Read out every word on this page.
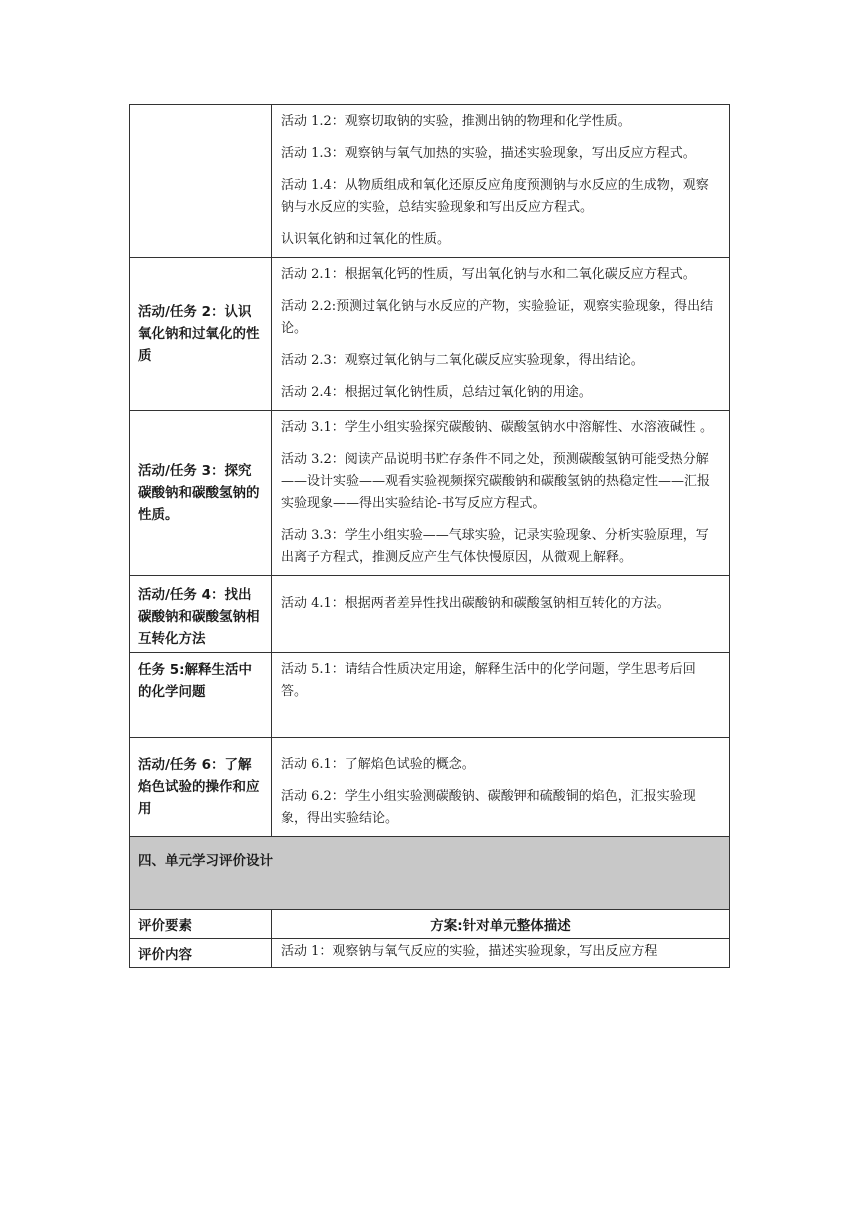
	活动 1.2：观察切取钠的实验，推测出钠的物理和化学性质。

活动 1.3：观察钠与氧气加热的实验，描述实验现象，写出反应方程式。

活动 1.4：从物质组成和氧化还原反应角度预测钠与水反应的生成物，观察钠与水反应的实验，总结实验现象和写出反应方程式。

认识氧化钠和过氧化的性质。

活动/任务 2：认识氧化钠和过氧化的性质	活动 2.1：根据氧化钙的性质，写出氧化钠与水和二氧化碳反应方程式。

活动 2.2:预测过氧化钠与水反应的产物，实验验证，观察实验现象，得出结论。

活动 2.3：观察过氧化钠与二氧化碳反应实验现象，得出结论。

活动 2.4：根据过氧化钠性质，总结过氧化钠的用途。

活动/任务 3：探究碳酸钠和碳酸氢钠的性质。	活动 3.1：学生小组实验探究碳酸钠、碳酸氢钠水中溶解性、水溶液碱性 。

活动 3.2：阅读产品说明书贮存条件不同之处，预测碳酸氢钠可能受热分解——设计实验——观看实验视频探究碳酸钠和碳酸氢钠的热稳定性——汇报实验现象——得出实验结论-书写反应方程式。

活动 3.3：学生小组实验——气球实验，记录实验现象、分析实验原理，写出离子方程式，推测反应产生气体快慢原因，从微观上解释。

活动/任务 4：找出碳酸钠和碳酸氢钠相互转化方法	活动 4.1：根据两者差异性找出碳酸钠和碳酸氢钠相互转化的方法。

任务 5:解释生活中的化学问题	活动 5.1：请结合性质决定用途，解释生活中的化学问题，学生思考后回答。

活动/任务 6：了解焰色试验的操作和应用	活动 6.1：了解焰色试验的概念。

活动 6.2：学生小组实验测碳酸钠、碳酸钾和硫酸铜的焰色，汇报实验现象，得出实验结论。

四、单元学习评价设计	

评价要素	方案:针对单元整体描述

评价内容	活动 1：观察钠与氧气反应的实验，描述实验现象，写出反应方程
